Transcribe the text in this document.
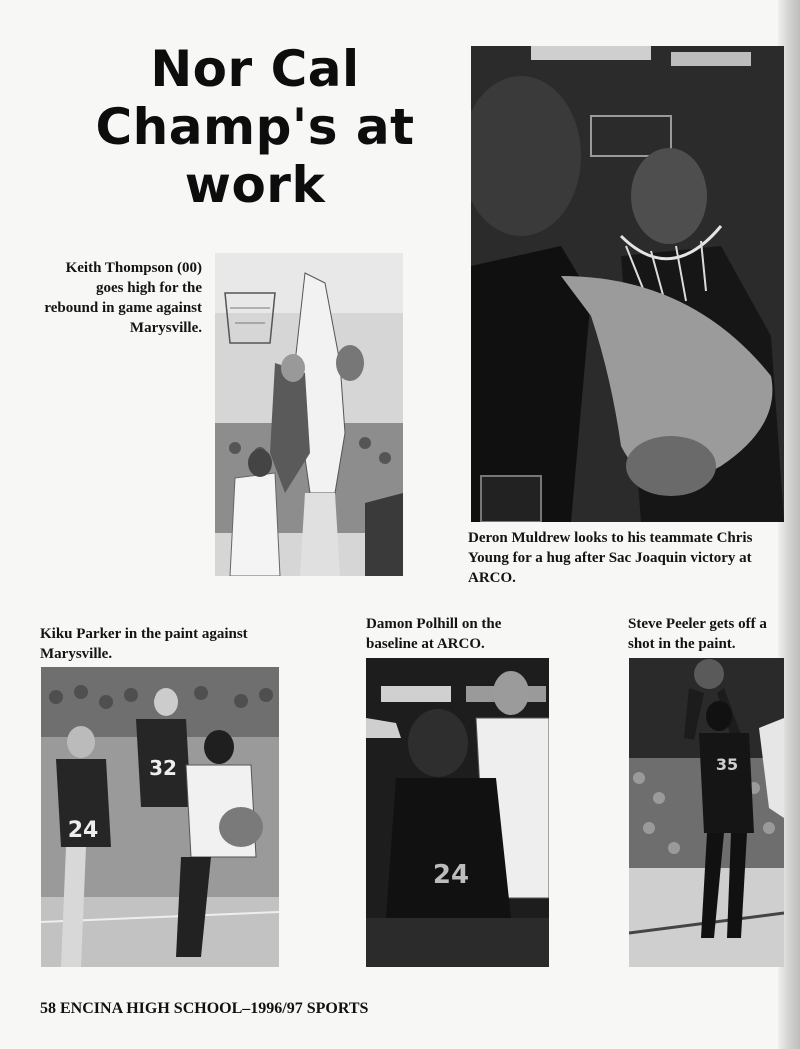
Nor Cal
Champ's at work
24
32
24
35

Keith Thompson (00) goes high for the rebound in game against Marysville.

Deron Muldrew looks to his teammate Chris Young for a hug after Sac Joaquin victory at ARCO.

Kiku Parker in the paint against Marysville.

Damon Polhill on the baseline at ARCO.

Steve Peeler gets off a shot in the paint.

58 ENCINA HIGH SCHOOL–1996/97 SPORTS
